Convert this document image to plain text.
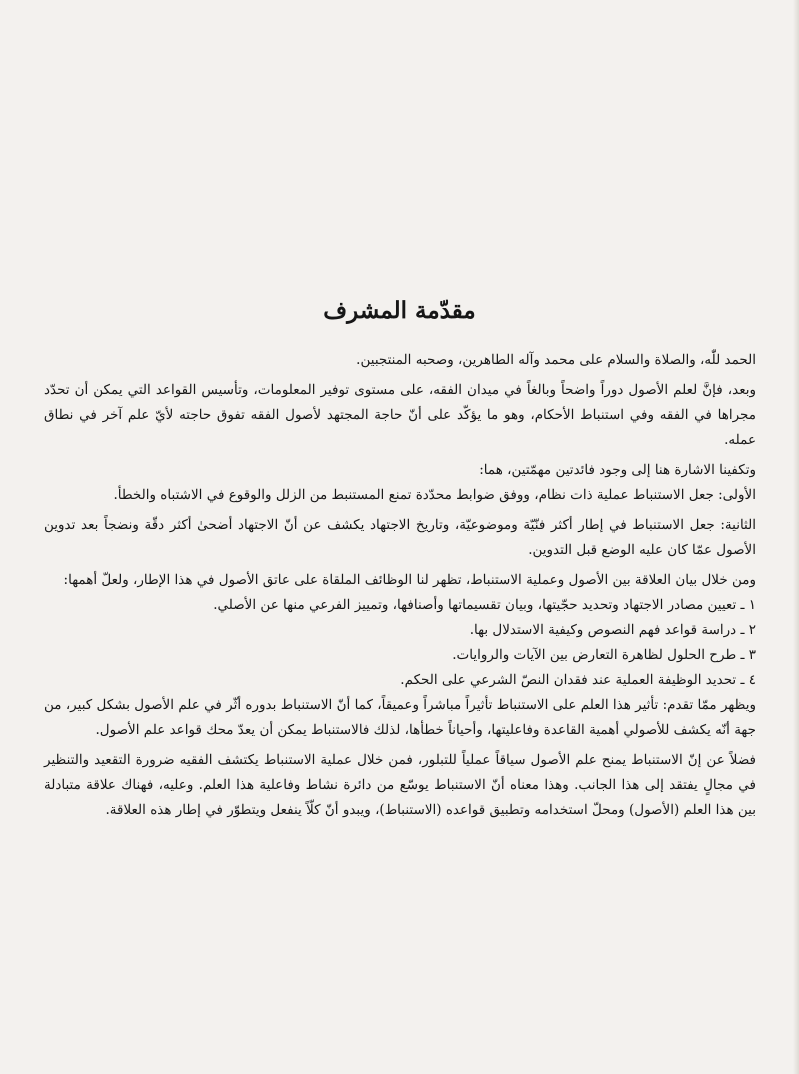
مقدّمة المشرف

الحمد للّٰه، والصلاة والسلام على محمد وآله الطاهرين، وصحبه المنتجبين.

وبعد، فإنَّ لعلم الأصول دوراً واضحاً وبالغاً في ميدان الفقه، على مستوى توفير المعلومات، وتأسيس القواعد التي يمكن أن تحدّد مجراها في الفقه وفي استنباط الأحكام، وهو ما يؤكّد على أنّ حاجة المجتهد لأصول الفقه تفوق حاجته لأيّ علم آخر في نطاق عمله.

وتكفينا الاشارة هنا إلى وجود فائدتين مهمّتين، هما:

الأولى: جعل الاستنباط عملية ذات نظام، ووفق ضوابط محدّدة تمنع المستنبط من الزلل والوقوع في الاشتباه والخطأ.

الثانية: جعل الاستنباط في إطار أكثر فنّيّة وموضوعيّة، وتاريخ الاجتهاد يكشف عن أنّ الاجتهاد أضحىٰ أكثر دقّة ونضجاً بعد تدوين الأصول عمّا كان عليه الوضع قبل التدوين.

ومن خلال بيان العلاقة بين الأصول وعملية الاستنباط، تظهر لنا الوظائف الملقاة على عاتق الأصول في هذا الإطار، ولعلّ أهمها:

١ ـ تعيين مصادر الاجتهاد وتحديد حجّيتها، وبيان تقسيماتها وأصنافها، وتمييز الفرعي منها عن الأصلي.

٢ ـ دراسة قواعد فهم النصوص وكيفية الاستدلال بها.

٣ ـ طرح الحلول لظاهرة التعارض بين الآيات والروايات.

٤ ـ تحديد الوظيفة العملية عند فقدان النصّ الشرعي على الحكم.

ويظهر ممّا تقدم: تأثير هذا العلم على الاستنباط تأثيراً مباشراً وعميقاً، كما أنّ الاستنباط بدوره أثّر في علم الأصول بشكل كبير، من جهة أنّه يكشف للأصولي أهمية القاعدة وفاعليتها، وأحياناً خطأها، لذلك فالاستنباط يمكن أن يعدّ محك قواعد علم الأصول.

فضلاً عن إنّ الاستنباط يمنح علم الأصول سياقاً عملياً للتبلور، فمن خلال عملية الاستنباط يكتشف الفقيه ضرورة التقعيد والتنظير في مجالٍ يفتقد إلى هذا الجانب. وهذا معناه أنّ الاستنباط يوسّع من دائرة نشاط وفاعلية هذا العلم. وعليه، فهناك علاقة متبادلة بين هذا العلم (الأصول) ومحلّ استخدامه وتطبيق قواعده (الاستنباط)، ويبدو أنّ كلّاً ينفعل ويتطوّر في إطار هذه العلاقة.
